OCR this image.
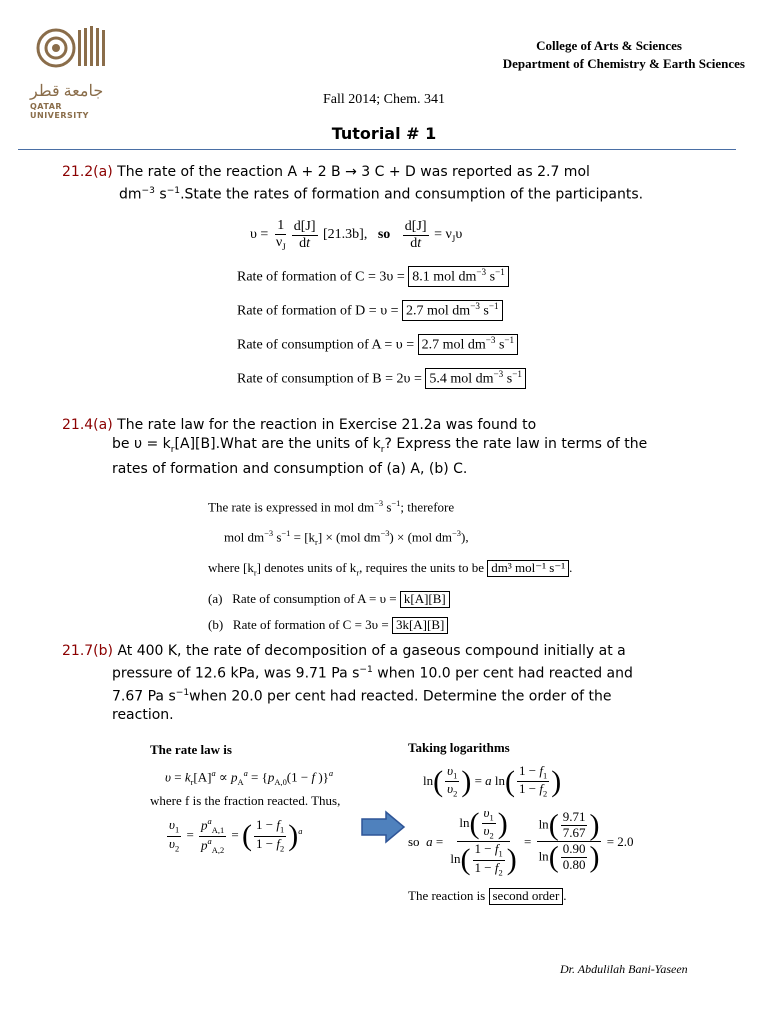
جامعة قطر
QATAR UNIVERSITY
College of Arts & Sciences
Department of Chemistry & Earth Sciences
Fall 2014; Chem. 341
Tutorial # 1
21.2(a) The rate of the reaction A + 2 B → 3 C + D was reported as 2.7 mol
$dm^{-3}$ $s^{-1}.State$ the rates of formation and consumption of the participants.
$\upsilon = \frac{1}{\nu_J} \frac{d[J]}{dt} [21.3b]$, so $\frac{d[J]}{dt} = \nu_J\upsilon$
Rate of formation of C = 3υ = 8.1 mol $dm^{-3}$ $s^{-1}$
Rate of formation of D = υ = 2.7 mol $dm^{-3}$ $s^{-1}$
Rate of consumption of A = υ = 2.7 mol $dm^{-3}$ $s^{-1}$
Rate of consumption of B = 2υ = 5.4 mol $dm^{-3}$ $s^{-1}$
21.4(a) The rate law for the reaction in Exercise 21.2a was found to
be $\upsilon = k_r[A][B].What$ are the units of $k_r$? Express the rate law in terms of the
rates of formation and consumption of (a) A, (b) C.
The rate is expressed in mol $dm^{-3}$ $s^{-1}$; therefore
mol $dm^{-3}$ $s^{-1} = [k_r] \times (mol$ $dm^{-3}) \times (mol$ $dm^{-3}$),
where $[k_r]$ denotes units of $k_r$, requires the units to be dm³ mol⁻¹ s⁻¹ .
(a) Rate of consumption of A = υ = k[A][B]
(b) Rate of formation of C = 3υ = 3k[A][B]
21.7(b) At 400 K, the rate of decomposition of a gaseous compound initially at a
pressure of 12.6 kPa, was 9.71 Pa $s^{-1}$ when 10.0 per cent had reacted and
7.67 Pa $s^{-1}when$ 20.0 per cent had reacted. Determine the order of the
reaction.
The rate law is
$\upsilon = k_r[A]^a \propto p_A^a = \{p_{A,0}(1 - f$ )}$^a$
where f is the fraction reacted. Thus,
$\frac{\upsilon_1}{\upsilon_2} = \frac{p^a_{A,1}}{p^a_{A,2}}$ = ( $\frac{1 - f_1}{1 - f_2} )^a$
Taking logarithms
$\ln( \frac{\upsilon_1}{\upsilon_2}$ ) = a $\ln( \frac{1 - f_1}{1 - f_2}$ )
so
$a = \frac{\ln( \frac{\upsilon_1}{\upsilon_2} )}{\ln( \frac{1 - f_1}{1 - f_2} )} = \frac{\ln( \frac{9.71}{7.67} )}{\ln( \frac{0.90}{0.80} )}$
= 2.0
The reaction is second order .
Dr. Abdulilah Bani-Yaseen
